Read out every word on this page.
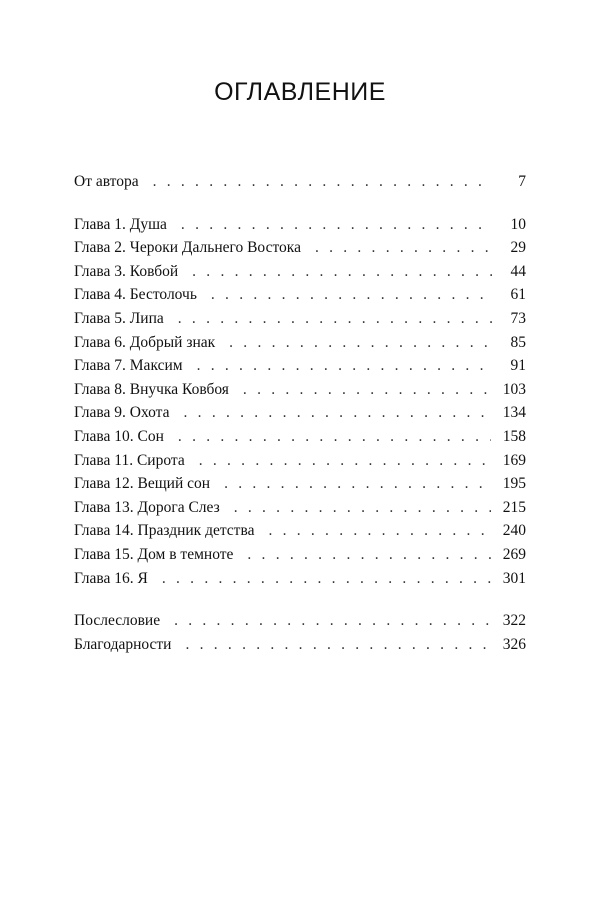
ОГЛАВЛЕНИЕ
От автора . . .	7
Глава 1. Душа . . .	10
Глава 2. Чероки Дальнего Востока . . .	29
Глава 3. Ковбой . . .	44
Глава 4. Бестолочь . . .	61
Глава 5. Липа . . .	73
Глава 6. Добрый знак . . .	85
Глава 7. Максим . . .	91
Глава 8. Внучка Ковбоя . . .	103
Глава 9. Охота . . .	134
Глава 10. Сон . . .	158
Глава 11. Сирота . . .	169
Глава 12. Вещий сон . . .	195
Глава 13. Дорога Слез . . .	215
Глава 14. Праздник детства . . .	240
Глава 15. Дом в темноте . . .	269
Глава 16. Я . . .	301
Послесловие . . .	322
Благодарности . . .	326
